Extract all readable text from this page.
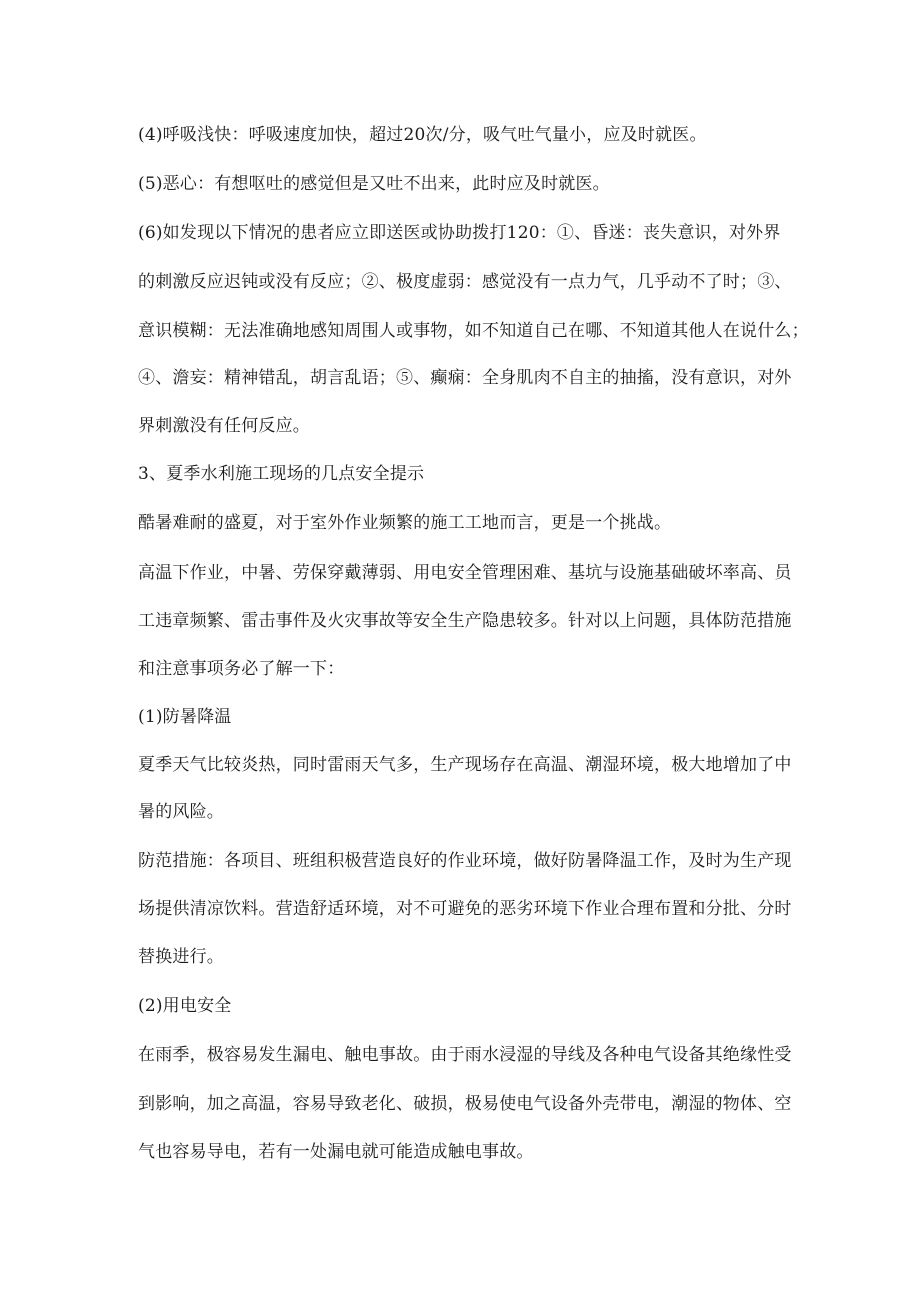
(4)呼吸浅快：呼吸速度加快，超过20次/分，吸气吐气量小，应及时就医。
(5)恶心：有想呕吐的感觉但是又吐不出来，此时应及时就医。
(6)如发现以下情况的患者应立即送医或协助拨打120：①、昏迷：丧失意识，对外界
的刺激反应迟钝或没有反应；②、极度虚弱：感觉没有一点力气，几乎动不了时；③、
意识模糊：无法准确地感知周围人或事物，如不知道自己在哪、不知道其他人在说什么；
④、澹妄：精神错乱，胡言乱语；⑤、癫痫：全身肌肉不自主的抽搐，没有意识，对外
界刺激没有任何反应。
3、夏季水利施工现场的几点安全提示
酷暑难耐的盛夏，对于室外作业频繁的施工工地而言，更是一个挑战。
高温下作业，中暑、劳保穿戴薄弱、用电安全管理困难、基坑与设施基础破坏率高、员
工违章频繁、雷击事件及火灾事故等安全生产隐患较多。针对以上问题，具体防范措施
和注意事项务必了解一下：
(1)防暑降温
夏季天气比较炎热，同时雷雨天气多，生产现场存在高温、潮湿环境，极大地增加了中
暑的风险。
防范措施：各项目、班组积极营造良好的作业环境，做好防暑降温工作，及时为生产现
场提供清凉饮料。营造舒适环境，对不可避免的恶劣环境下作业合理布置和分批、分时
替换进行。
(2)用电安全
在雨季，极容易发生漏电、触电事故。由于雨水浸湿的导线及各种电气设备其绝缘性受
到影响，加之高温，容易导致老化、破损，极易使电气设备外壳带电，潮湿的物体、空
气也容易导电，若有一处漏电就可能造成触电事故。
